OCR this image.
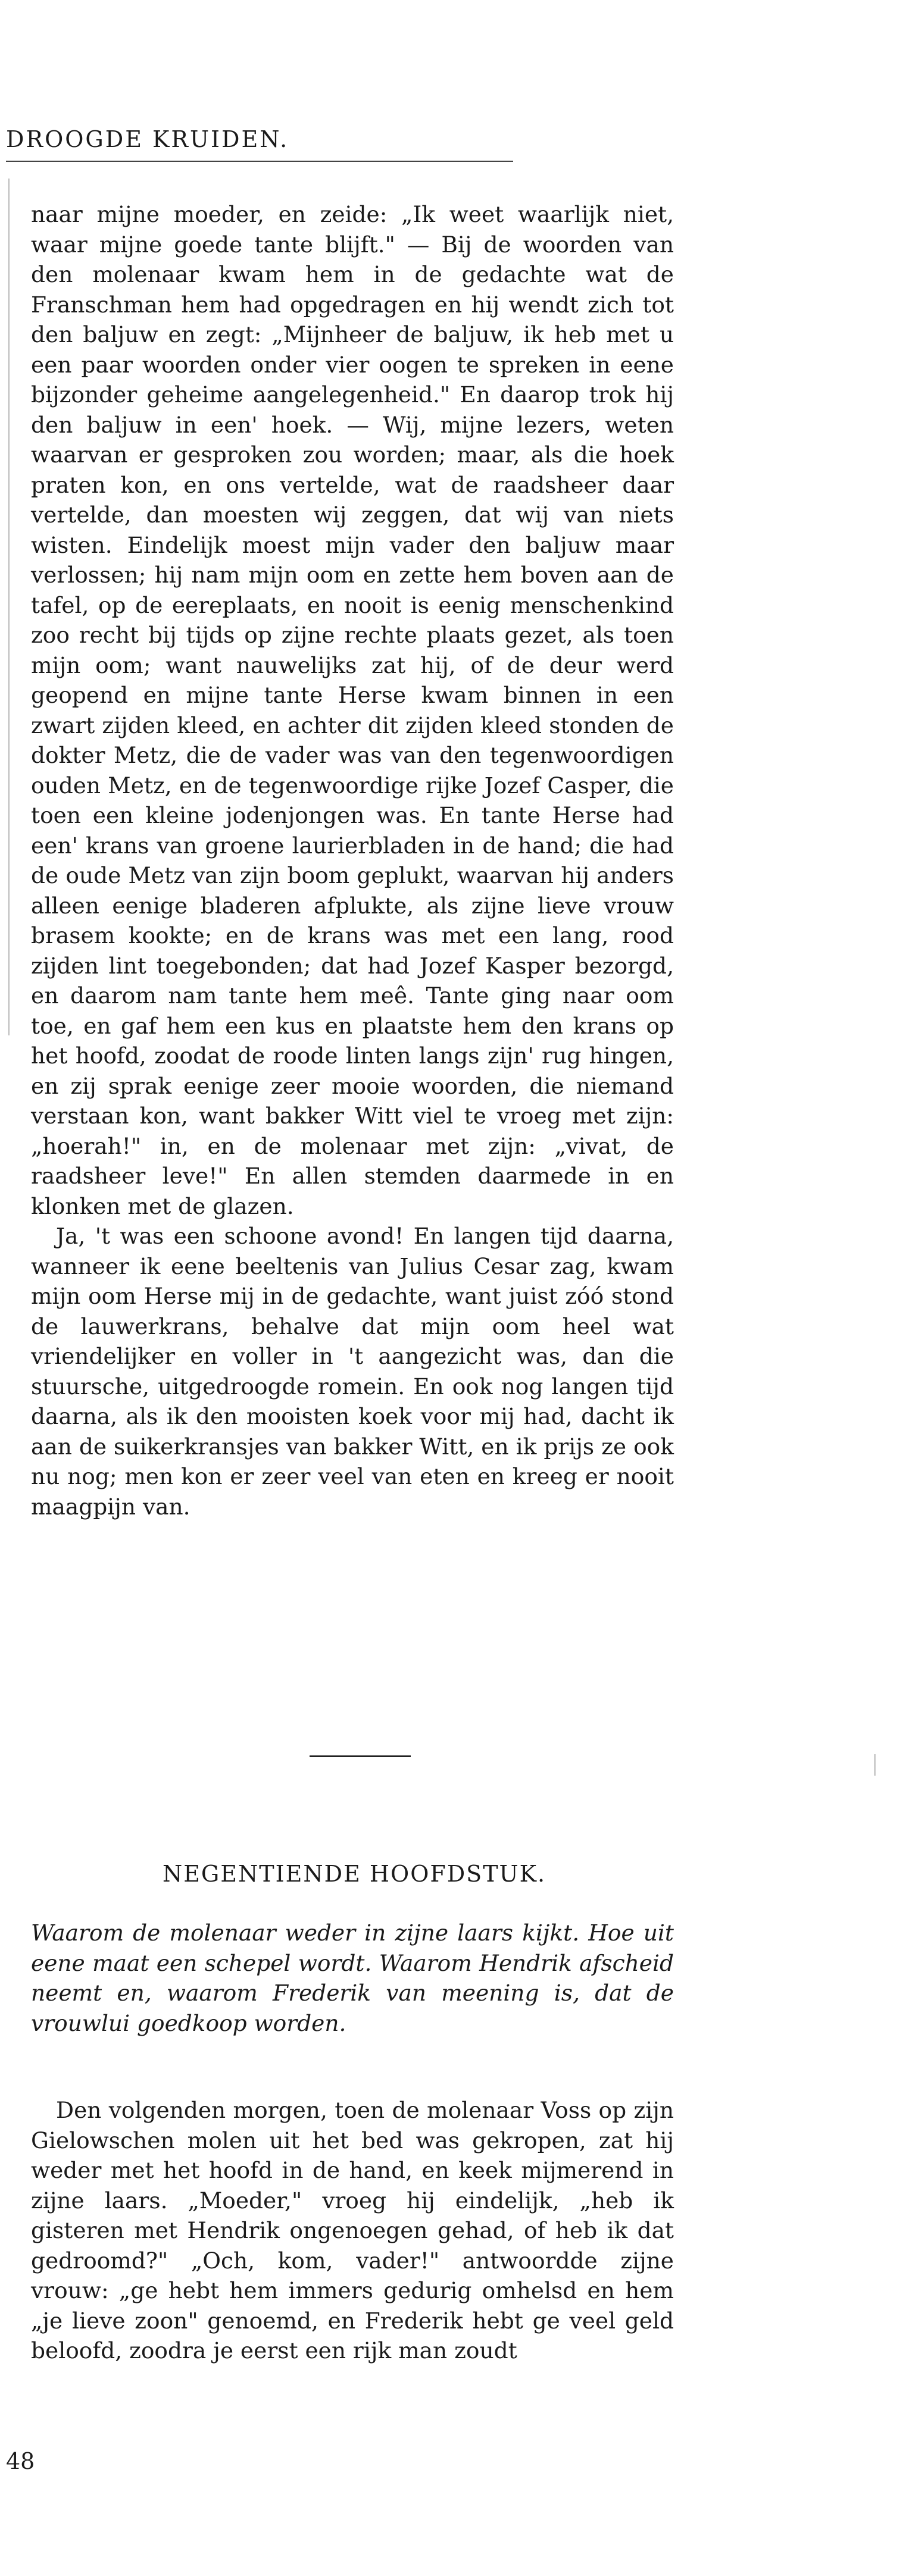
DROOGDE KRUIDEN.

naar mijne moeder, en zeide: „Ik weet waarlijk niet, waar mijne goede tante blijft." — Bij de woorden van den molenaar kwam hem in de gedachte wat de Franschman hem had opgedragen en hij wendt zich tot den baljuw en zegt: „Mijnheer de baljuw, ik heb met u een paar woorden onder vier oogen te spreken in eene bijzonder geheime aangelegenheid." En daarop trok hij den baljuw in een' hoek. — Wij, mijne lezers, weten waarvan er gesproken zou worden; maar, als die hoek praten kon, en ons vertelde, wat de raadsheer daar vertelde, dan moesten wij zeggen, dat wij van niets wisten. Eindelijk moest mijn vader den baljuw maar verlossen; hij nam mijn oom en zette hem boven aan de tafel, op de eereplaats, en nooit is eenig menschenkind zoo recht bij tijds op zijne rechte plaats gezet, als toen mijn oom; want nauwelijks zat hij, of de deur werd geopend en mijne tante Herse kwam binnen in een zwart zijden kleed, en achter dit zijden kleed stonden de dokter Metz, die de vader was van den tegenwoordigen ouden Metz, en de tegenwoordige rijke Jozef Casper, die toen een kleine jodenjongen was. En tante Herse had een' krans van groene laurierbladen in de hand; die had de oude Metz van zijn boom geplukt, waarvan hij anders alleen eenige bladeren afplukte, als zijne lieve vrouw brasem kookte; en de krans was met een lang, rood zijden lint toegebonden; dat had Jozef Kasper bezorgd, en daarom nam tante hem meê. Tante ging naar oom toe, en gaf hem een kus en plaatste hem den krans op het hoofd, zoodat de roode linten langs zijn' rug hingen, en zij sprak eenige zeer mooie woorden, die niemand verstaan kon, want bakker Witt viel te vroeg met zijn: „hoerah!" in, en de molenaar met zijn: „vivat, de raadsheer leve!" En allen stemden daarmede in en klonken met de glazen.

Ja, 't was een schoone avond! En langen tijd daarna, wanneer ik eene beeltenis van Julius Cesar zag, kwam mijn oom Herse mij in de gedachte, want juist zóó stond de lauwerkrans, behalve dat mijn oom heel wat vriendelijker en voller in 't aangezicht was, dan die stuursche, uitgedroogde romein. En ook nog langen tijd daarna, als ik den mooisten koek voor mij had, dacht ik aan de suikerkransjes van bakker Witt, en ik prijs ze ook nu nog; men kon er zeer veel van eten en kreeg er nooit maagpijn van.

NEGENTIENDE HOOFDSTUK.
Waarom de molenaar weder in zijne laars kijkt. Hoe uit eene maat een schepel wordt. Waarom Hendrik afscheid neemt en, waarom Frederik van meening is, dat de vrouwlui goedkoop worden.

Den volgenden morgen, toen de molenaar Voss op zijn Gielowschen molen uit het bed was gekropen, zat hij weder met het hoofd in de hand, en keek mijmerend in zijne laars. „Moeder," vroeg hij eindelijk, „heb ik gisteren met Hendrik ongenoegen gehad, of heb ik dat gedroomd?" „Och, kom, vader!" antwoordde zijne vrouw: „ge hebt hem immers gedurig omhelsd en hem „je lieve zoon" genoemd, en Frederik hebt ge veel geld beloofd, zoodra je eerst een rijk man zoudt

48
